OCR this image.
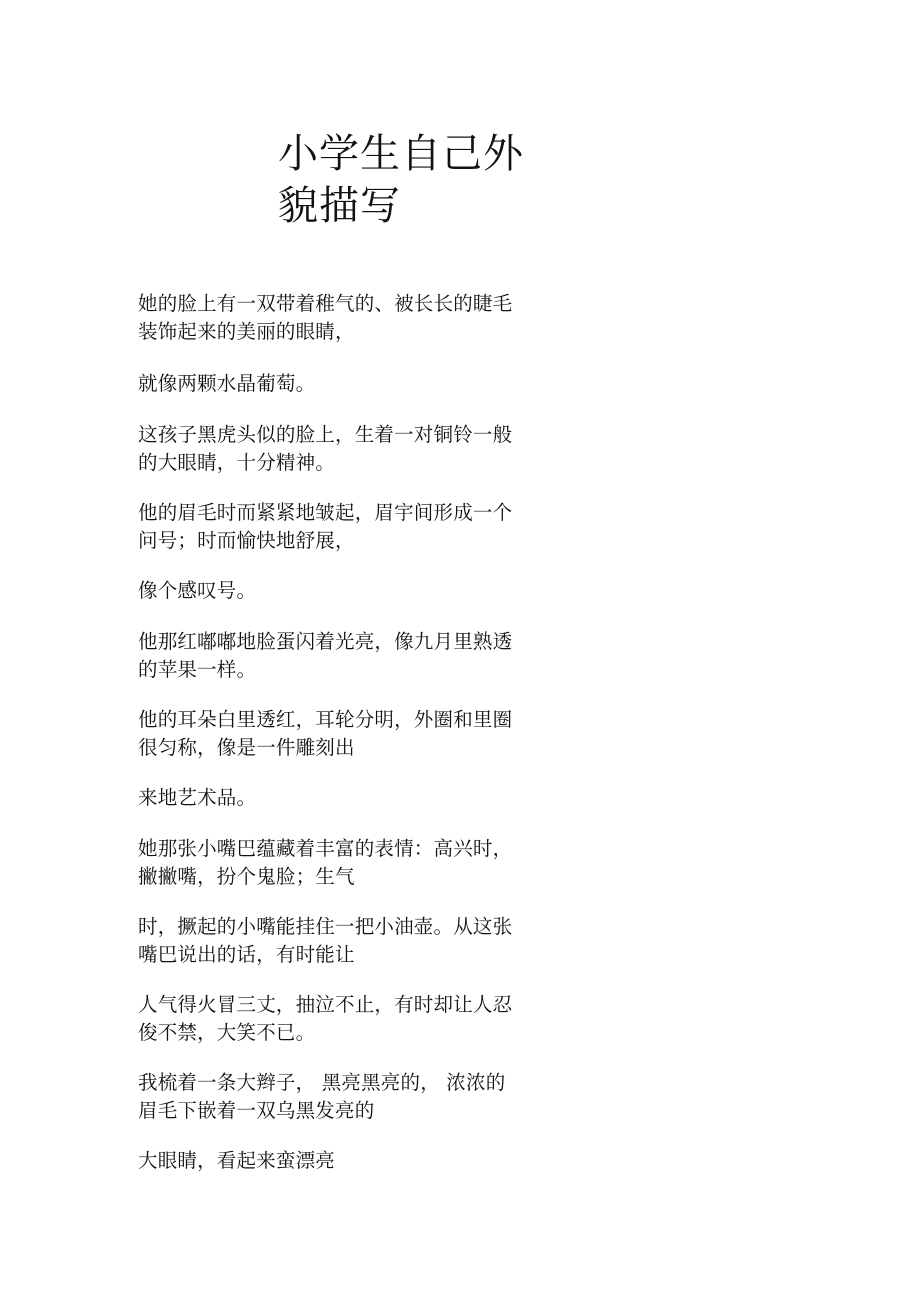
小学生自己外貌描写

她的脸上有一双带着稚气的、被长长的睫毛装饰起来的美丽的眼睛，

就像两颗水晶葡萄。

这孩子黑虎头似的脸上，生着一对铜铃一般的大眼睛，十分精神。

他的眉毛时而紧紧地皱起，眉宇间形成一个问号；时而愉快地舒展，

像个感叹号。

他那红嘟嘟地脸蛋闪着光亮，像九月里熟透的苹果一样。

他的耳朵白里透红，耳轮分明，外圈和里圈很匀称，像是一件雕刻出

来地艺术品。

她那张小嘴巴蕴藏着丰富的表情：高兴时，撇撇嘴，扮个鬼脸；生气

时，撅起的小嘴能挂住一把小油壶。从这张嘴巴说出的话，有时能让

人气得火冒三丈，抽泣不止，有时却让人忍俊不禁，大笑不已。

我梳着一条大辫子， 黑亮黑亮的， 浓浓的眉毛下嵌着一双乌黑发亮的

大眼睛，看起来蛮漂亮
